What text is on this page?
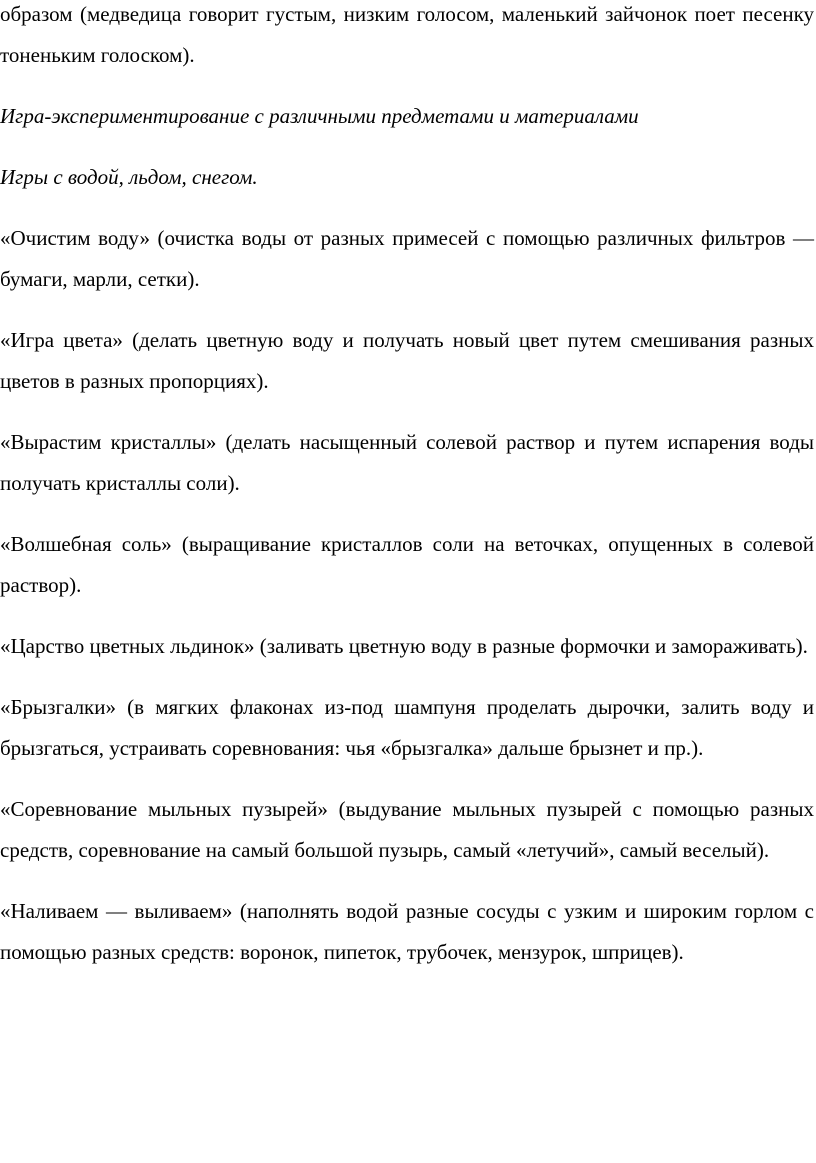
образом (медведица говорит густым, низким голосом, маленький зайчонок поет песенку тоненьким голоском).

Игра-экспериментирование с различными предметами и материалами

Игры с водой, льдом, снегом.

«Очистим воду» (очистка воды от разных примесей с помощью различных фильтров — бумаги, марли, сетки).

«Игра цвета» (делать цветную воду и получать новый цвет путем смешивания разных цветов в разных пропорциях).

«Вырастим кристаллы» (делать насыщенный солевой раствор и путем испарения воды получать кристаллы соли).

«Волшебная соль» (выращивание кристаллов соли на веточках, опущенных в солевой раствор).

«Царство цветных льдинок» (заливать цветную воду в разные формочки и замораживать).

«Брызгалки» (в мягких флаконах из-под шампуня проделать дырочки, залить воду и брызгаться, устраивать соревнования: чья «брызгалка» дальше брызнет и пр.).

«Соревнование мыльных пузырей» (выдувание мыльных пузырей с помощью разных средств, соревнование на самый большой пузырь, самый «летучий», самый веселый).

«Наливаем — выливаем» (наполнять водой разные сосуды с узким и широким горлом с помощью разных средств: воронок, пипеток, трубочек, мензурок, шприцев).
